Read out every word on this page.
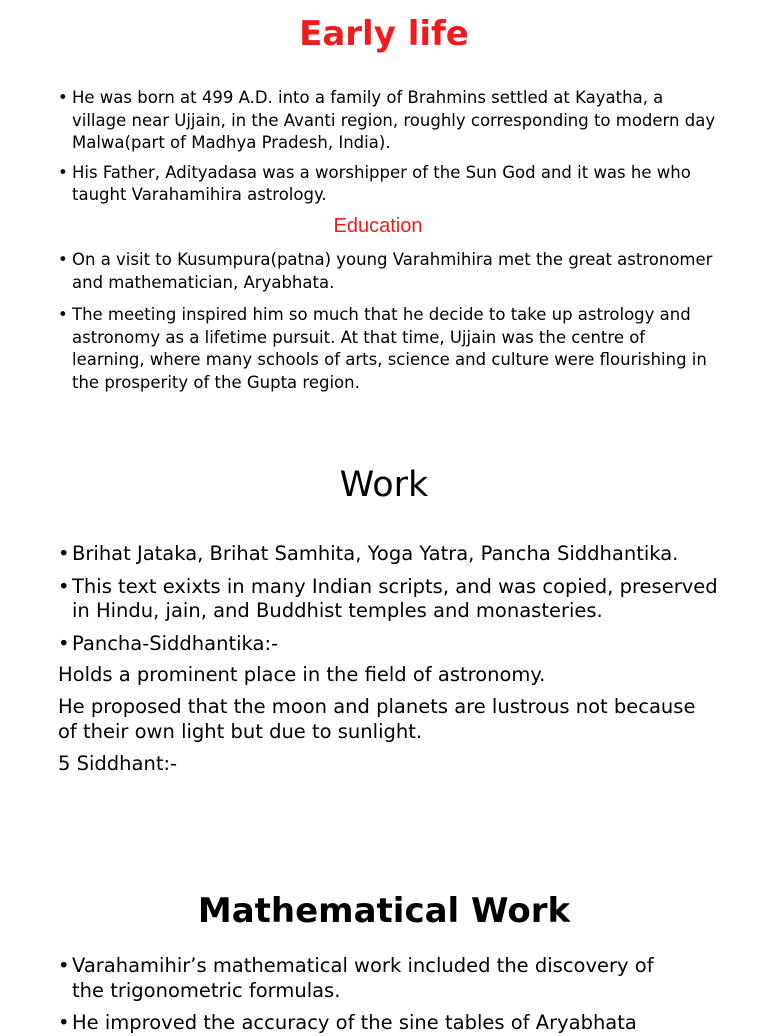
Early life
• He was born at 499 A.D. into a family of Brahmins settled at Kayatha, a village near Ujjain, in the Avanti region, roughly corresponding to modern day Malwa(part of Madhya Pradesh, India).
• His Father, Adityadasa was a worshipper of the Sun God and it was he who taught Varahamihira astrology.
Education
• On a visit to Kusumpura(patna) young Varahmihira met the great astronomer and mathematician, Aryabhata.
• The meeting inspired him so much that he decide to take up astrology and astronomy as a lifetime pursuit. At that time, Ujjain was the centre of learning, where many schools of arts, science and culture were flourishing in the prosperity of the Gupta region.
Work
• Brihat Jataka, Brihat Samhita, Yoga Yatra, Pancha Siddhantika.
• This text exixts in many Indian scripts, and was copied, preserved in Hindu, jain, and Buddhist temples and monasteries.
• Pancha-Siddhantika:-

Holds a prominent place in the field of astronomy.

He proposed that the moon and planets are lustrous not because of their own light but due to sunlight.

5 Siddhant:-

Mathematical Work
• Varahamihir’s mathematical work included the discovery of the trigonometric formulas.
• He improved the accuracy of the sine tables of Aryabhata
